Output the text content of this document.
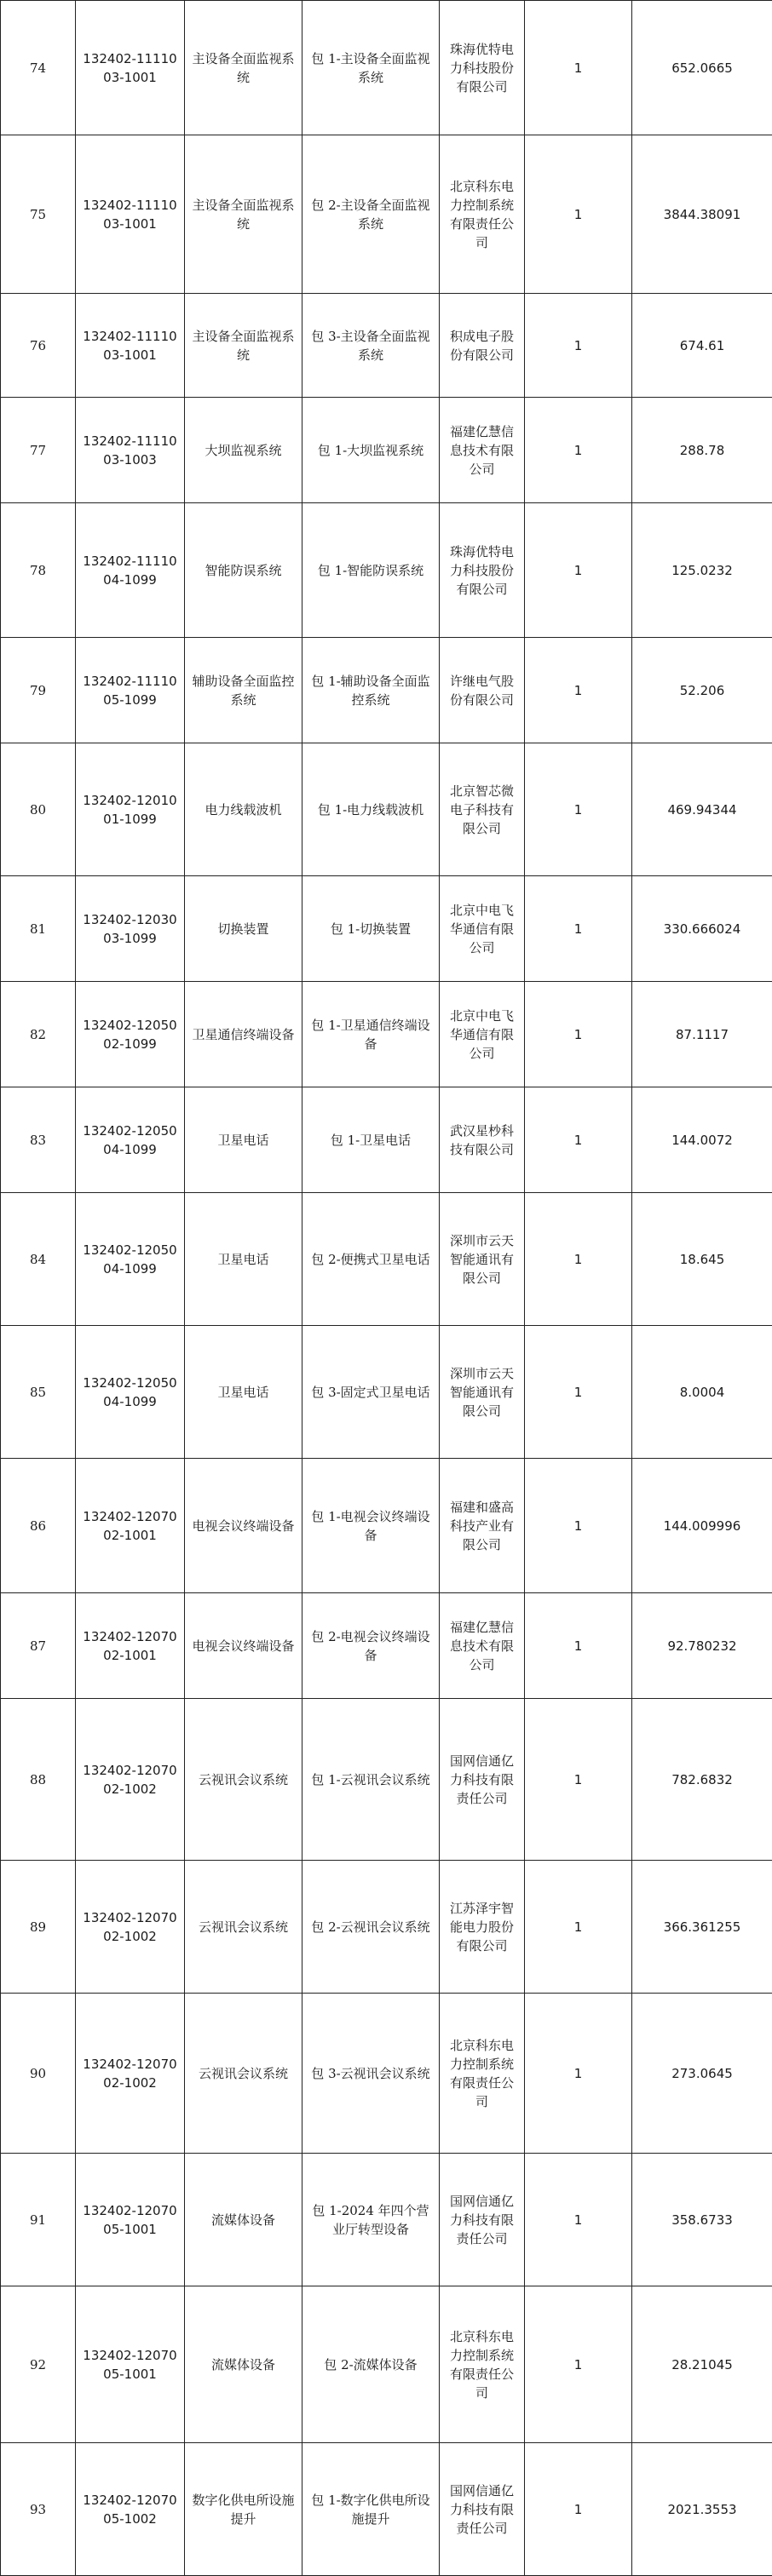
74	132402-1111003-1001	主设备全面监视系统	包 1-主设备全面监视系统	珠海优特电力科技股份有限公司	1	652.0665
75	132402-1111003-1001	主设备全面监视系统	包 2-主设备全面监视系统	北京科东电力控制系统有限责任公司	1	3844.38091
76	132402-1111003-1001	主设备全面监视系统	包 3-主设备全面监视系统	积成电子股份有限公司	1	674.61
77	132402-1111003-1003	大坝监视系统	包 1-大坝监视系统	福建亿慧信息技术有限公司	1	288.78
78	132402-1111004-1099	智能防误系统	包 1-智能防误系统	珠海优特电力科技股份有限公司	1	125.0232
79	132402-1111005-1099	辅助设备全面监控系统	包 1-辅助设备全面监控系统	许继电气股份有限公司	1	52.206
80	132402-1201001-1099	电力线载波机	包 1-电力线载波机	北京智芯微电子科技有限公司	1	469.94344
81	132402-1203003-1099	切换装置	包 1-切换装置	北京中电飞华通信有限公司	1	330.666024
82	132402-1205002-1099	卫星通信终端设备	包 1-卫星通信终端设备	北京中电飞华通信有限公司	1	87.1117
83	132402-1205004-1099	卫星电话	包 1-卫星电话	武汉星杪科技有限公司	1	144.0072
84	132402-1205004-1099	卫星电话	包 2-便携式卫星电话	深圳市云天智能通讯有限公司	1	18.645
85	132402-1205004-1099	卫星电话	包 3-固定式卫星电话	深圳市云天智能通讯有限公司	1	8.0004
86	132402-1207002-1001	电视会议终端设备	包 1-电视会议终端设备	福建和盛高科技产业有限公司	1	144.009996
87	132402-1207002-1001	电视会议终端设备	包 2-电视会议终端设备	福建亿慧信息技术有限公司	1	92.780232
88	132402-1207002-1002	云视讯会议系统	包 1-云视讯会议系统	国网信通亿力科技有限责任公司	1	782.6832
89	132402-1207002-1002	云视讯会议系统	包 2-云视讯会议系统	江苏泽宇智能电力股份有限公司	1	366.361255
90	132402-1207002-1002	云视讯会议系统	包 3-云视讯会议系统	北京科东电力控制系统有限责任公司	1	273.0645
91	132402-1207005-1001	流媒体设备	包 1-2024 年四个营业厅转型设备	国网信通亿力科技有限责任公司	1	358.6733
92	132402-1207005-1001	流媒体设备	包 2-流媒体设备	北京科东电力控制系统有限责任公司	1	28.21045
93	132402-1207005-1002	数字化供电所设施提升	包 1-数字化供电所设施提升	国网信通亿力科技有限责任公司	1	2021.3553
